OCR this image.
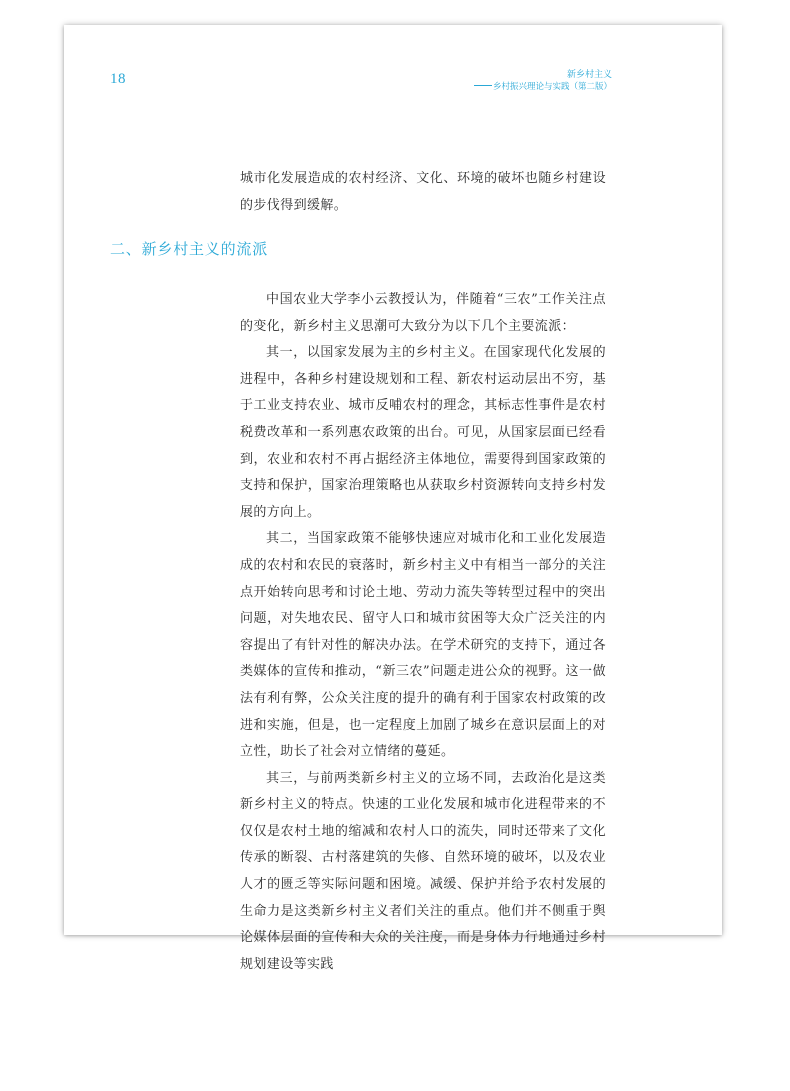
18	新乡村主义
乡村振兴理论与实践（第二版）

城市化发展造成的农村经济、文化、环境的破坏也随乡村建设的步伐得到缓解。

二、新乡村主义的流派

中国农业大学李小云教授认为，伴随着“三农”工作关注点的变化，新乡村主义思潮可大致分为以下几个主要流派：

其一，以国家发展为主的乡村主义。在国家现代化发展的进程中，各种乡村建设规划和工程、新农村运动层出不穷，基于工业支持农业、城市反哺农村的理念，其标志性事件是农村税费改革和一系列惠农政策的出台。可见，从国家层面已经看到，农业和农村不再占据经济主体地位，需要得到国家政策的支持和保护，国家治理策略也从获取乡村资源转向支持乡村发展的方向上。

其二，当国家政策不能够快速应对城市化和工业化发展造成的农村和农民的衰落时，新乡村主义中有相当一部分的关注点开始转向思考和讨论土地、劳动力流失等转型过程中的突出问题，对失地农民、留守人口和城市贫困等大众广泛关注的内容提出了有针对性的解决办法。在学术研究的支持下，通过各类媒体的宣传和推动，“新三农”问题走进公众的视野。这一做法有利有弊，公众关注度的提升的确有利于国家农村政策的改进和实施，但是，也一定程度上加剧了城乡在意识层面上的对立性，助长了社会对立情绪的蔓延。

其三，与前两类新乡村主义的立场不同，去政治化是这类新乡村主义的特点。快速的工业化发展和城市化进程带来的不仅仅是农村土地的缩减和农村人口的流失，同时还带来了文化传承的断裂、古村落建筑的失修、自然环境的破坏，以及农业人才的匮乏等实际问题和困境。减缓、保护并给予农村发展的生命力是这类新乡村主义者们关注的重点。他们并不侧重于舆论媒体层面的宣传和大众的关注度，而是身体力行地通过乡村规划建设等实践
